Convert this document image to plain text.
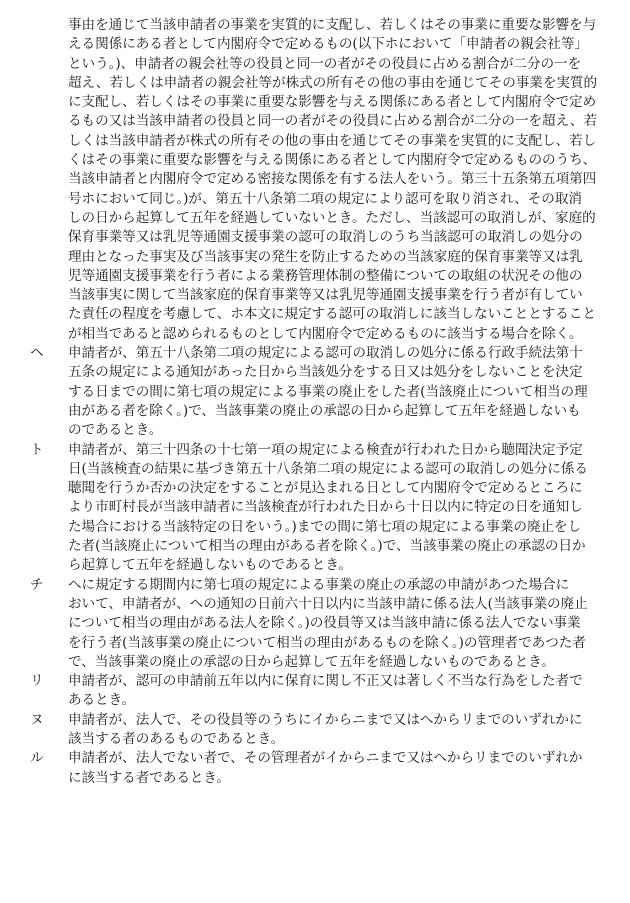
事由を通じて当該申請者の事業を実質的に支配し、若しくはその事業に重要な影響を与
える関係にある者として内閣府令で定めるもの(以下ホにおいて「申請者の親会社等」
という。)、申請者の親会社等の役員と同一の者がその役員に占める割合が二分の一を
超え、若しくは申請者の親会社等が株式の所有その他の事由を通じてその事業を実質的
に支配し、若しくはその事業に重要な影響を与える関係にある者として内閣府令で定め
るもの又は当該申請者の役員と同一の者がその役員に占める割合が二分の一を超え、若
しくは当該申請者が株式の所有その他の事由を通じてその事業を実質的に支配し、若し
くはその事業に重要な影響を与える関係にある者として内閣府令で定めるもののうち、
当該申請者と内閣府令で定める密接な関係を有する法人をいう。第三十五条第五項第四
号ホにおいて同じ。)が、第五十八条第二項の規定により認可を取り消され、その取消
しの日から起算して五年を経過していないとき。ただし、当該認可の取消しが、家庭的
保育事業等又は乳児等通園支援事業の認可の取消しのうち当該認可の取消しの処分の
理由となった事実及び当該事実の発生を防止するための当該家庭的保育事業等又は乳
児等通園支援事業を行う者による業務管理体制の整備についての取組の状況その他の
当該事実に関して当該家庭的保育事業等又は乳児等通園支援事業を行う者が有してい
た責任の程度を考慮して、ホ本文に規定する認可の取消しに該当しないこととすること
が相当であると認められるものとして内閣府令で定めるものに該当する場合を除く。
ヘ	申請者が、第五十八条第二項の規定による認可の取消しの処分に係る行政手続法第十
五条の規定による通知があった日から当該処分をする日又は処分をしないことを決定
する日までの間に第七項の規定による事業の廃止をした者(当該廃止について相当の理
由がある者を除く。)で、当該事業の廃止の承認の日から起算して五年を経過しないも
のであるとき。
ト	申請者が、第三十四条の十七第一項の規定による検査が行われた日から聴聞決定予定
日(当該検査の結果に基づき第五十八条第二項の規定による認可の取消しの処分に係る
聴聞を行うか否かの決定をすることが見込まれる日として内閣府令で定めるところに
より市町村長が当該申請者に当該検査が行われた日から十日以内に特定の日を通知し
た場合における当該特定の日をいう。)までの間に第七項の規定による事業の廃止をし
た者(当該廃止について相当の理由がある者を除く。)で、当該事業の廃止の承認の日か
ら起算して五年を経過しないものであるとき。
チ	へに規定する期間内に第七項の規定による事業の廃止の承認の申請があつた場合に
おいて、申請者が、への通知の日前六十日以内に当該申請に係る法人(当該事業の廃止
について相当の理由がある法人を除く。)の役員等又は当該申請に係る法人でない事業
を行う者(当該事業の廃止について相当の理由があるものを除く。)の管理者であつた者
で、当該事業の廃止の承認の日から起算して五年を経過しないものであるとき。
リ	申請者が、認可の申請前五年以内に保育に関し不正又は著しく不当な行為をした者で
あるとき。
ヌ	申請者が、法人で、その役員等のうちにイからニまで又はへからリまでのいずれかに
該当する者のあるものであるとき。
ル	申請者が、法人でない者で、その管理者がイからニまで又はへからリまでのいずれか
に該当する者であるとき。
